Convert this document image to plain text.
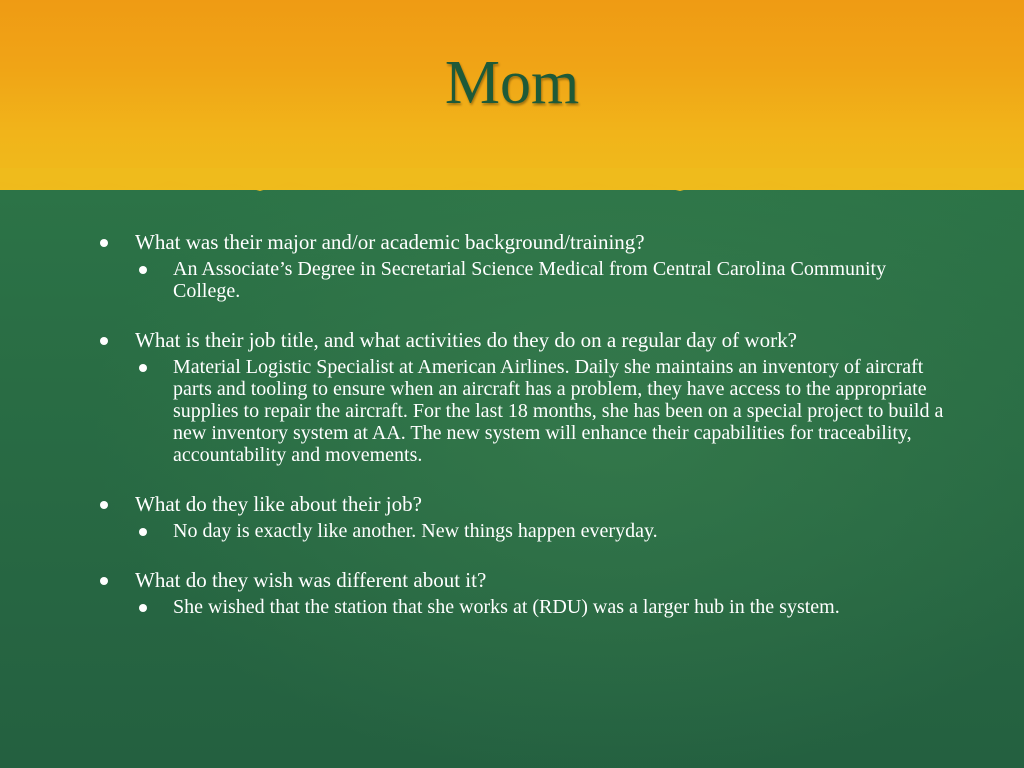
Mom

What was their major and/or academic background/training?

An Associate’s Degree in Secretarial Science Medical from Central Carolina Community College.

What is their job title, and what activities do they do on a regular day of work?

Material Logistic Specialist at American Airlines. Daily she maintains an inventory of aircraft parts and tooling to ensure when an aircraft has a problem, they have access to the appropriate supplies to repair the aircraft. For the last 18 months, she has been on a special project to build a new inventory system at AA. The new system will enhance their capabilities for traceability, accountability and movements.

What do they like about their job?

No day is exactly like another. New things happen everyday.

What do they wish was different about it?

She wished that the station that she works at (RDU) was a larger hub in the system.
